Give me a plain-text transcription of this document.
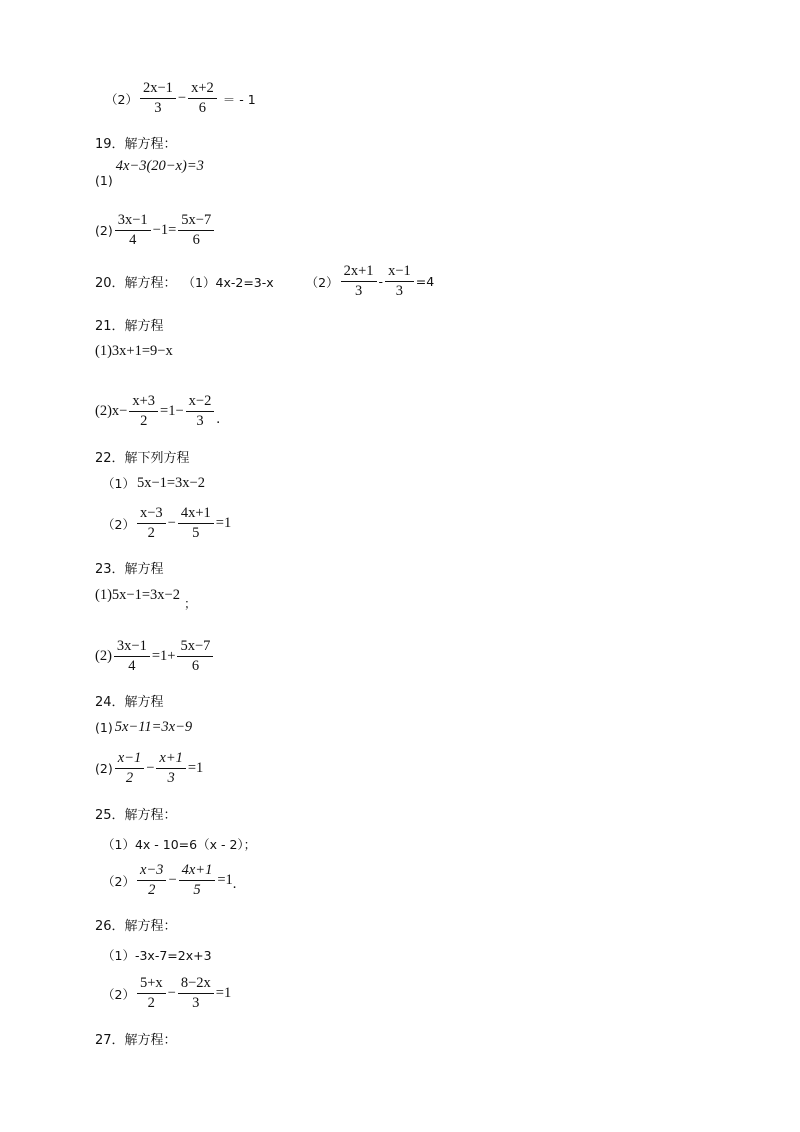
$(2) \frac{2x-1}{3} - \frac{x+2}{6}$ ＝ - 1
19．解方程：
(1)
4x−3(20−x)=3
$(2) \frac{3x-1}{4} -1= \frac{5x-7}{6}$
20．解方程： （1）4x-2=3-x	$(2) \frac{2x+1}{3} - \frac{x-1}{3} =4$
21．解方程
(1)3x+1=9−x
$(2)x- \frac{x+3}{2} =1- \frac{x-2}{3}$ .
22．解下列方程
（1） 5x−1=3x−2
$(2) \frac{x-3}{2} - \frac{4x+1}{5} =1$
23．解方程
(1)5x−1=3x−2
；
$(2) \frac{3x-1}{4} =1+ \frac{5x-7}{6}$
24．解方程
(1) 5x−11=3x−9
$(2) \frac{x-1}{2} - \frac{x+1}{3} =1$
25．解方程：
（1）4x - 10=6（x - 2）；
$(2) \frac{x-3}{2} - \frac{4x+1}{5} =1$ .
26．解方程：
（1）-3x-7=2x+3
$(2) \frac{5+x}{2} - \frac{8-2x}{3} =1$
27．解方程：
